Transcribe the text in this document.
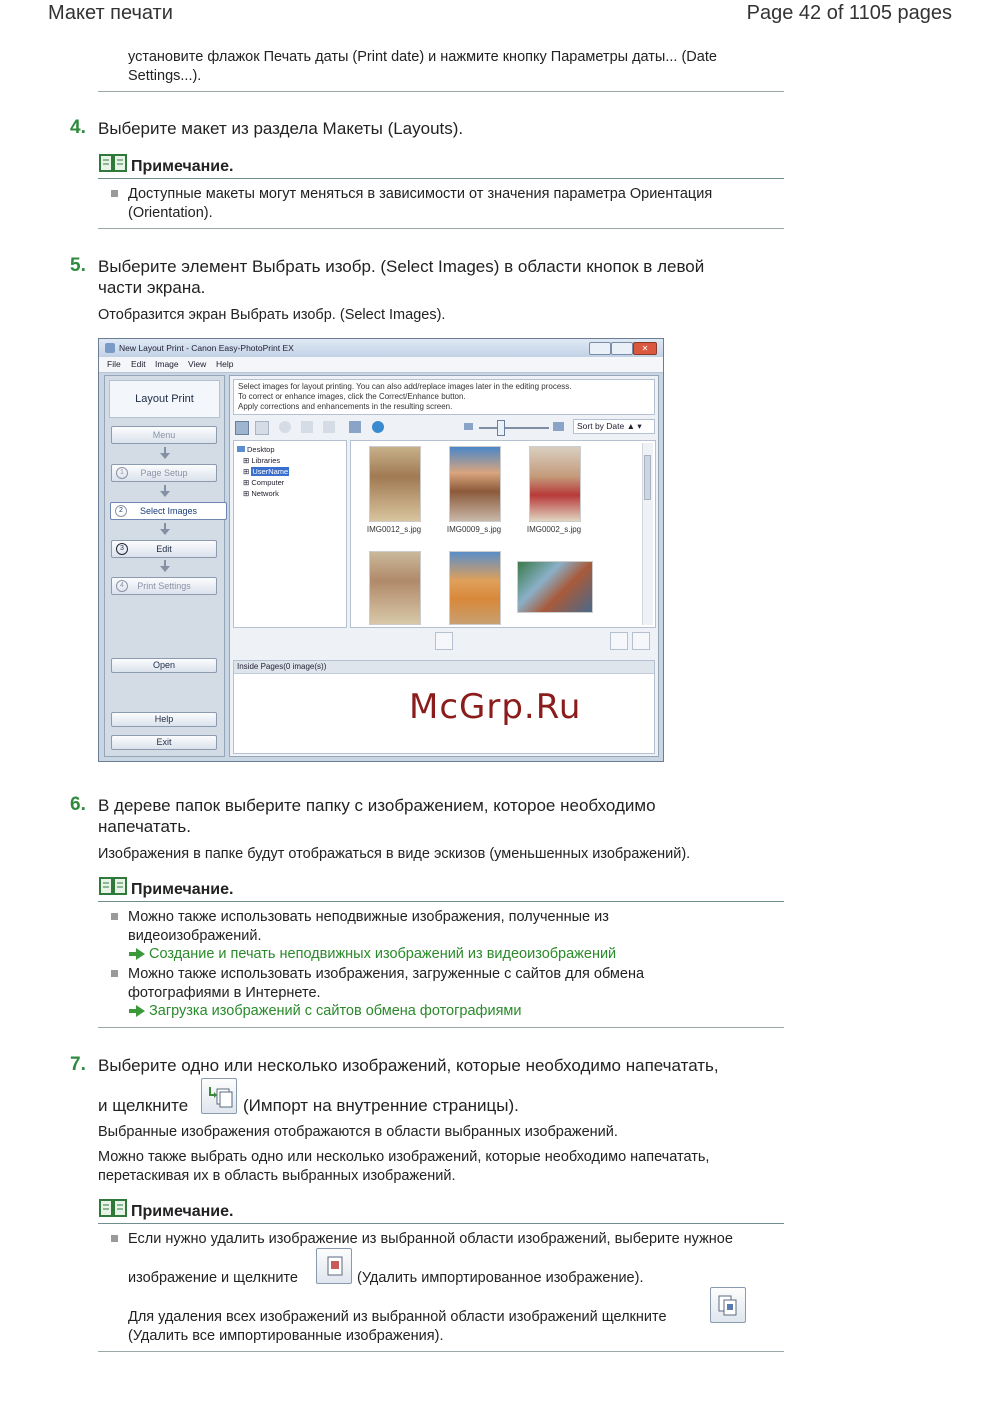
Макет печати	Page 42 of 1105 pages
установите флажок Печать даты (Print date) и нажмите кнопку Параметры даты... (Date
Settings...).
4. Выберите макет из раздела Макеты (Layouts).
Примечание.
Доступные макеты могут меняться в зависимости от значения параметра Ориентация
(Orientation).
5. Выберите элемент Выбрать изобр. (Select Images) в области кнопок в левой
части экрана.
Отобразится экран Выбрать изобр. (Select Images).
New Layout Print - Canon Easy-PhotoPrint EX	✕
File Edit Image View Help
Layout Print
Menu
1	Page Setup
2	Select Images
3	Edit
4	Print Settings
Open
Help
Exit
Select images for layout printing. You can also add/replace images later in the editing process.
To correct or enhance images, click the Correct/Enhance button.
Apply corrections and enhancements in the resulting screen.
Sort by Date ▲ ▾
Desktop
⊞ Libraries
⊞ UserName
⊞ Computer
⊞ Network
IMG0012_s.jpg	IMG0009_s.jpg	IMG0002_s.jpg
Inside Pages(0 image(s))
McGrp.Ru
6. В дереве папок выберите папку с изображением, которое необходимо
напечатать.
Изображения в папке будут отображаться в виде эскизов (уменьшенных изображений).
Примечание.
Можно также использовать неподвижные изображения, полученные из
видеоизображений.
Создание и печать неподвижных изображений из видеоизображений
Можно также использовать изображения, загруженные с сайтов для обмена
фотографиями в Интернете.
Загрузка изображений с сайтов обмена фотографиями
7. Выберите одно или несколько изображений, которые необходимо напечатать,
и щелкните	(Импорт на внутренние страницы).
Выбранные изображения отображаются в области выбранных изображений.
Можно также выбрать одно или несколько изображений, которые необходимо напечатать,
перетаскивая их в область выбранных изображений.
Примечание.
Если нужно удалить изображение из выбранной области изображений, выберите нужное
изображение и щелкните	(Удалить импортированное изображение).
Для удаления всех изображений из выбранной области изображений щелкните
(Удалить все импортированные изображения).
